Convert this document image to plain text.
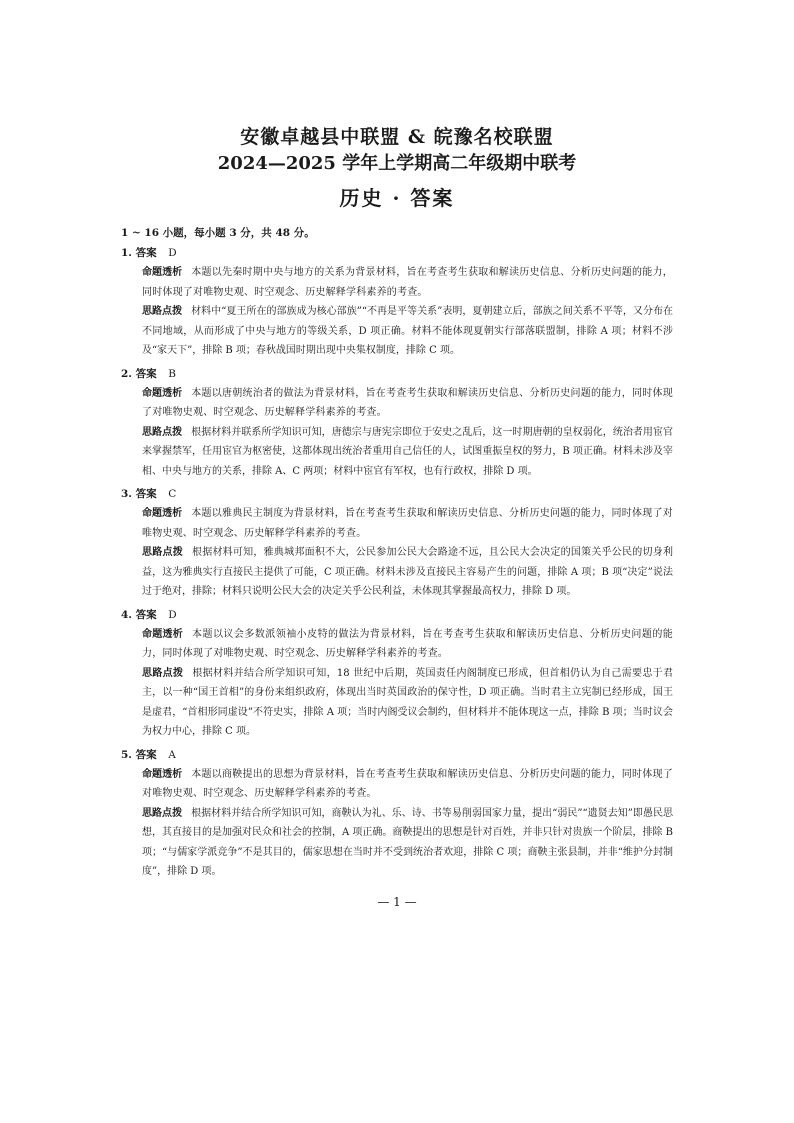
安徽卓越县中联盟 & 皖豫名校联盟
2024—2025 学年上学期高二年级期中联考
历史 · 答案
1 ~ 16 小题，每小题 3 分，共 48 分。
1. 答案 D
命题透析 本题以先秦时期中央与地方的关系为背景材料，旨在考查考生获取和解读历史信息、分析历史问题的能力，同时体现了对唯物史观、时空观念、历史解释学科素养的考查。
思路点拨 材料中“夏王所在的部族成为核心部族”“不再是平等关系”表明，夏朝建立后，部族之间关系不平等，又分布在不同地域，从而形成了中央与地方的等级关系，D 项正确。材料不能体现夏朝实行部落联盟制，排除 A 项；材料不涉及“家天下”，排除 B 项；春秋战国时期出现中央集权制度，排除 C 项。
2. 答案 B
命题透析 本题以唐朝统治者的做法为背景材料，旨在考查考生获取和解读历史信息、分析历史问题的能力，同时体现了对唯物史观、时空观念、历史解释学科素养的考查。
思路点拨 根据材料并联系所学知识可知，唐德宗与唐宪宗即位于安史之乱后，这一时期唐朝的皇权弱化，统治者用宦官来掌握禁军，任用宦官为枢密使，这都体现出统治者重用自己信任的人，试图重振皇权的努力，B 项正确。材料未涉及宰相、中央与地方的关系，排除 A、C 两项；材料中宦官有军权，也有行政权，排除 D 项。
3. 答案 C
命题透析 本题以雅典民主制度为背景材料，旨在考查考生获取和解读历史信息、分析历史问题的能力，同时体现了对唯物史观、时空观念、历史解释学科素养的考查。
思路点拨 根据材料可知，雅典城邦面积不大，公民参加公民大会路途不远，且公民大会决定的国策关乎公民的切身利益，这为雅典实行直接民主提供了可能，C 项正确。材料未涉及直接民主容易产生的问题，排除 A 项；B 项“决定”说法过于绝对，排除；材料只说明公民大会的决定关乎公民利益，未体现其掌握最高权力，排除 D 项。
4. 答案 D
命题透析 本题以议会多数派领袖小皮特的做法为背景材料，旨在考查考生获取和解读历史信息、分析历史问题的能力，同时体现了对唯物史观、时空观念、历史解释学科素养的考查。
思路点拨 根据材料并结合所学知识可知，18 世纪中后期，英国责任内阁制度已形成，但首相仍认为自己需要忠于君主，以一种“国王首相”的身份来组织政府，体现出当时英国政治的保守性，D 项正确。当时君主立宪制已经形成，国王是虚君，“首相形同虚设”不符史实，排除 A 项；当时内阁受议会制约，但材料并不能体现这一点，排除 B 项；当时议会为权力中心，排除 C 项。
5. 答案 A
命题透析 本题以商鞅提出的思想为背景材料，旨在考查考生获取和解读历史信息、分析历史问题的能力，同时体现了对唯物史观、时空观念、历史解释学科素养的考查。
思路点拨 根据材料并结合所学知识可知，商鞅认为礼、乐、诗、书等易削弱国家力量，提出“弱民”“遗贤去知”即愚民思想，其直接目的是加强对民众和社会的控制，A 项正确。商鞅提出的思想是针对百姓，并非只针对贵族一个阶层，排除 B 项；“与儒家学派竞争”不是其目的，儒家思想在当时并不受到统治者欢迎，排除 C 项；商鞅主张县制，并非“维护分封制度”，排除 D 项。
— 1 —
